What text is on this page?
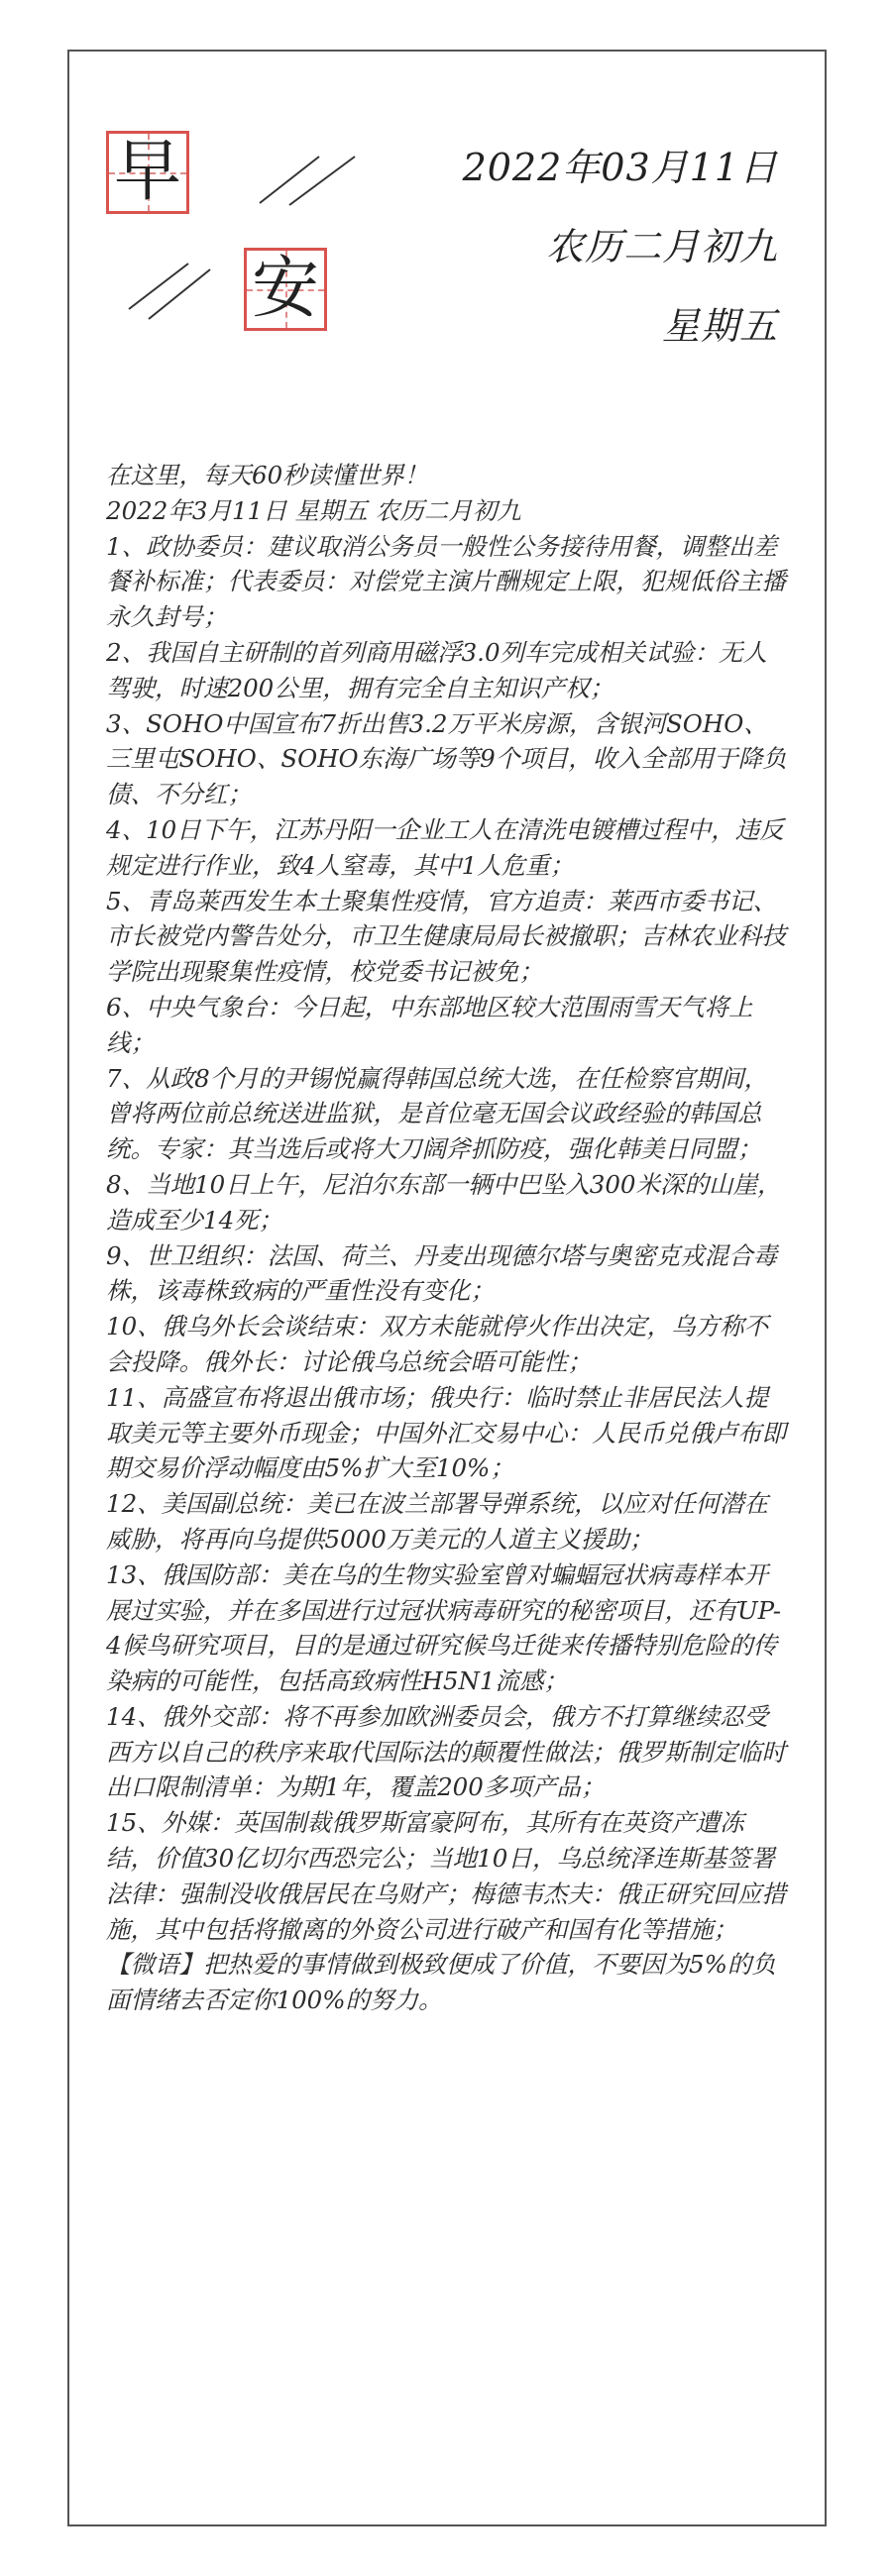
早
安
2022年03月11日
农历二月初九
星期五

在这里，每天60秒读懂世界！

2022年3月11日 星期五 农历二月初九

1、政协委员：建议取消公务员一般性公务接待用餐，调整出差餐补标准；代表委员：对偿党主演片酬规定上限，犯规低俗主播永久封号；

2、我国自主研制的首列商用磁浮3.0列车完成相关试验：无人驾驶，时速200公里，拥有完全自主知识产权；

3、SOHO中国宣布7折出售3.2万平米房源，含银河SOHO、三里屯SOHO、SOHO东海广场等9个项目，收入全部用于降负债、不分红；

4、10日下午，江苏丹阳一企业工人在清洗电镀槽过程中，违反规定进行作业，致4人窒毒，其中1人危重；

5、青岛莱西发生本土聚集性疫情，官方追责：莱西市委书记、市长被党内警告处分，市卫生健康局局长被撤职；吉林农业科技学院出现聚集性疫情，校党委书记被免；

6、中央气象台：今日起，中东部地区较大范围雨雪天气将上线；

7、从政8个月的尹锡悦赢得韩国总统大选，在任检察官期间，曾将两位前总统送进监狱，是首位毫无国会议政经验的韩国总统。专家：其当选后或将大刀阔斧抓防疫，强化韩美日同盟；

8、当地10日上午，尼泊尔东部一辆中巴坠入300米深的山崖，造成至少14死；

9、世卫组织：法国、荷兰、丹麦出现德尔塔与奥密克戎混合毒株，该毒株致病的严重性没有变化；

10、俄乌外长会谈结束：双方未能就停火作出决定，乌方称不会投降。俄外长：讨论俄乌总统会晤可能性；

11、高盛宣布将退出俄市场；俄央行：临时禁止非居民法人提取美元等主要外币现金；中国外汇交易中心：人民币兑俄卢布即期交易价浮动幅度由5%扩大至10%；

12、美国副总统：美已在波兰部署导弹系统，以应对任何潜在威胁，将再向乌提供5000万美元的人道主义援助；

13、俄国防部：美在乌的生物实验室曾对蝙蝠冠状病毒样本开展过实验，并在多国进行过冠状病毒研究的秘密项目，还有UP-4候鸟研究项目，目的是通过研究候鸟迁徙来传播特别危险的传染病的可能性，包括高致病性H5N1流感；

14、俄外交部：将不再参加欧洲委员会，俄方不打算继续忍受西方以自己的秩序来取代国际法的颠覆性做法；俄罗斯制定临时出口限制清单：为期1年，覆盖200多项产品；

15、外媒：英国制裁俄罗斯富豪阿布，其所有在英资产遭冻结，价值30亿切尔西恐完公；当地10日，乌总统泽连斯基签署法律：强制没收俄居民在乌财产；梅德韦杰夫：俄正研究回应措施，其中包括将撤离的外资公司进行破产和国有化等措施；

【微语】把热爱的事情做到极致便成了价值，不要因为5%的负面情绪去否定你100%的努力。
